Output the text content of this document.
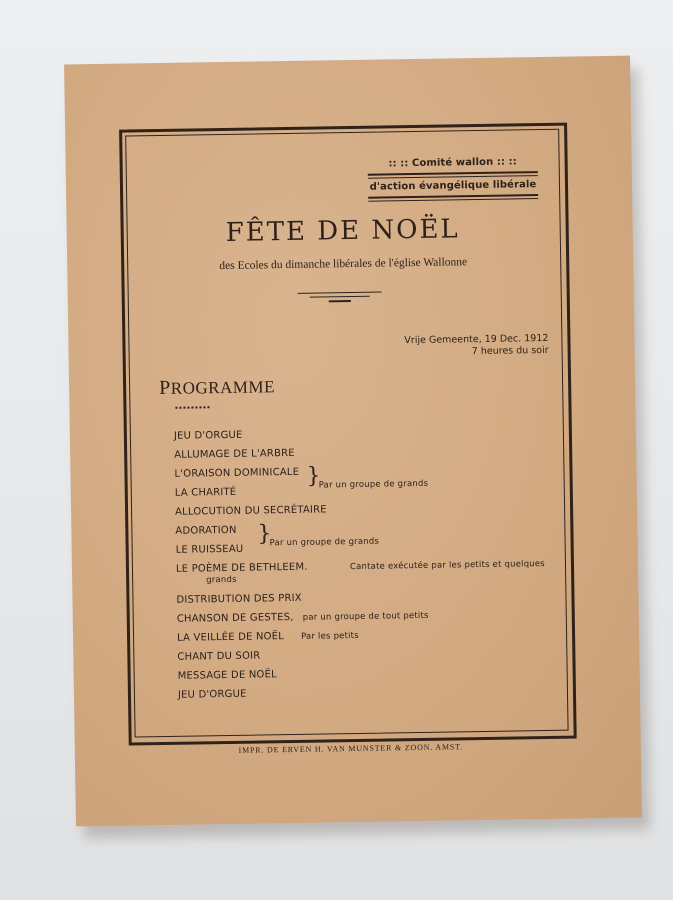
:: :: Comité wallon :: ::
d'action évangélique libérale
FÊTE DE NOËL
des Ecoles du dimanche libérales de l'église Wallonne
Vrije Gemeente, 19 Dec. 1912
7 heures du soir
PROGRAMME
JEU D'ORGUE
ALLUMAGE DE L'ARBRE
L'ORAISON DOMINICALE
LA CHARITÉ
}
Par un groupe de grands
ALLOCUTION DU SECRÉTAIRE
ADORATION
LE RUISSEAU
}
Par un groupe de grands
LE POÈME DE BETHLEEM.	Cantate exécutée par les petits et quelques
grands
DISTRIBUTION DES PRIX
CHANSON DE GESTES, par un groupe de tout petits
LA VEILLÉE DE NOËL Par les petits
CHANT DU SOIR
MESSAGE DE NOËL
JEU D'ORGUE
IMPR. DE ERVEN H. VAN MUNSTER & ZOON. AMST.
